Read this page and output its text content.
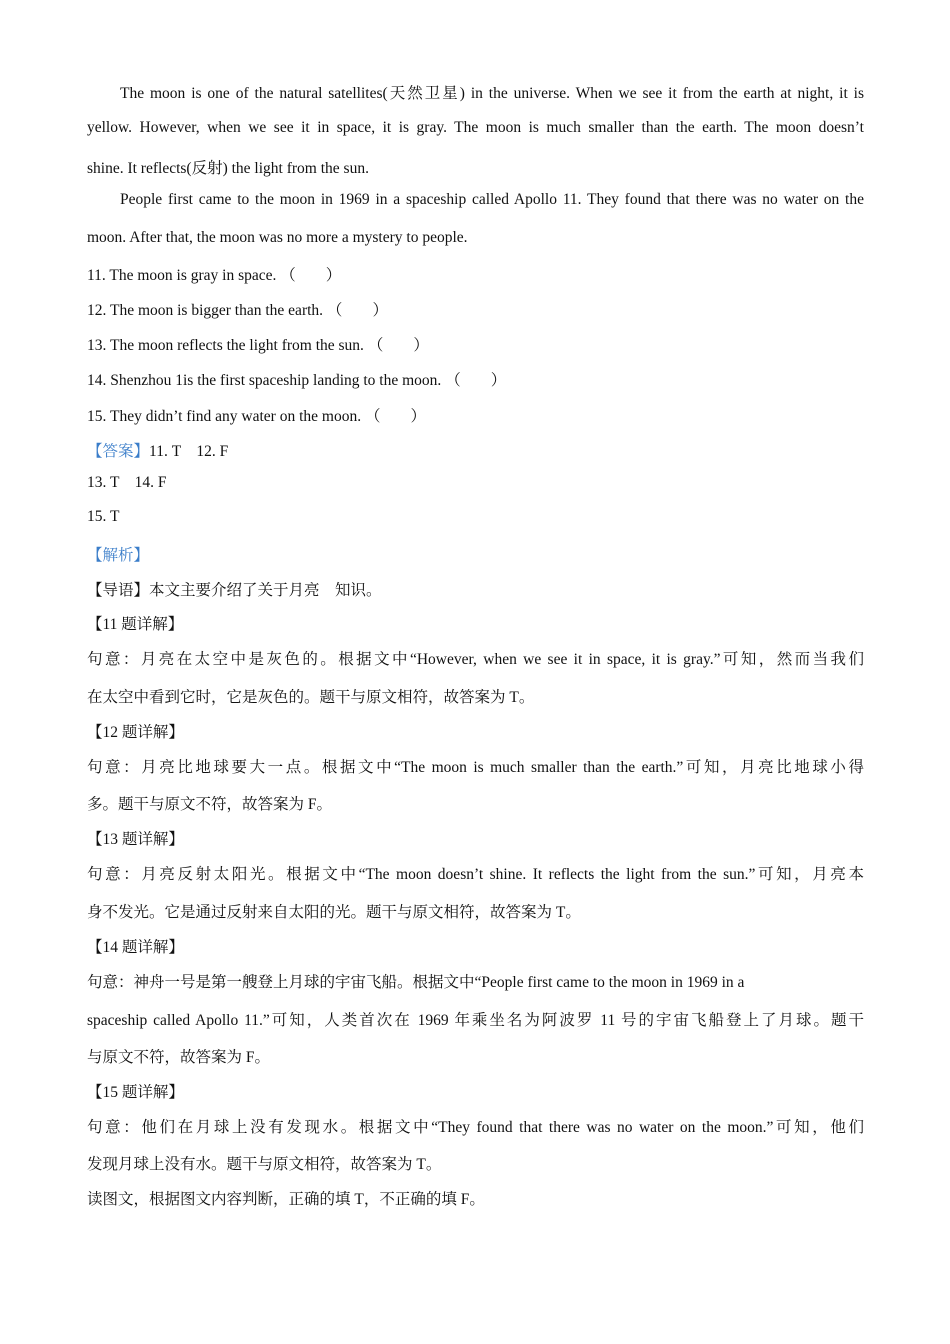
The moon is one of the natural satellites(天然卫星) in the universe. When we see it from the earth at night, it is
yellow. However, when we see it in space, it is gray. The moon is much smaller than the earth. The moon doesn’t
shine. It reflects(反射) the light from the sun.
People first came to the moon in 1969 in a spaceship called Apollo 11. They found that there was no water on the
moon. After that, the moon was no more a mystery to people.
11. The moon is gray in space. （ ）
12. The moon is bigger than the earth. （ ）
13. The moon reflects the light from the sun. （ ）
14. Shenzhou 1is the first spaceship landing to the moon. （ ）
15. They didn’t find any water on the moon. （ ）
【答案】11. T    12. F
13. T    14. F
15. T
【解析】
【导语】本文主要介绍了关于月亮    知识。
【11 题详解】
句意：月亮在太空中是灰色的。根据文中“However, when we see it in space, it is gray.”可知，然而当我们
在太空中看到它时，它是灰色的。题干与原文相符，故答案为 T。
【12 题详解】
句意：月亮比地球要大一点。根据文中“The moon is much smaller than the earth.”可知，月亮比地球小得
多。题干与原文不符，故答案为 F。
【13 题详解】
句意：月亮反射太阳光。根据文中“The moon doesn’t shine. It reflects the light from the sun.”可知，月亮本
身不发光。它是通过反射来自太阳的光。题干与原文相符，故答案为 T。
【14 题详解】
句意：神舟一号是第一艘登上月球的宇宙飞船。根据文中“People first came to the moon in 1969 in a
spaceship called Apollo 11.”可知，人类首次在 1969 年乘坐名为阿波罗 11 号的宇宙飞船登上了月球。题干
与原文不符，故答案为 F。
【15 题详解】
句意：他们在月球上没有发现水。根据文中“They found that there was no water on the moon.”可知，他们
发现月球上没有水。题干与原文相符，故答案为 T。
读图文，根据图文内容判断，正确的填 T，不正确的填 F。
